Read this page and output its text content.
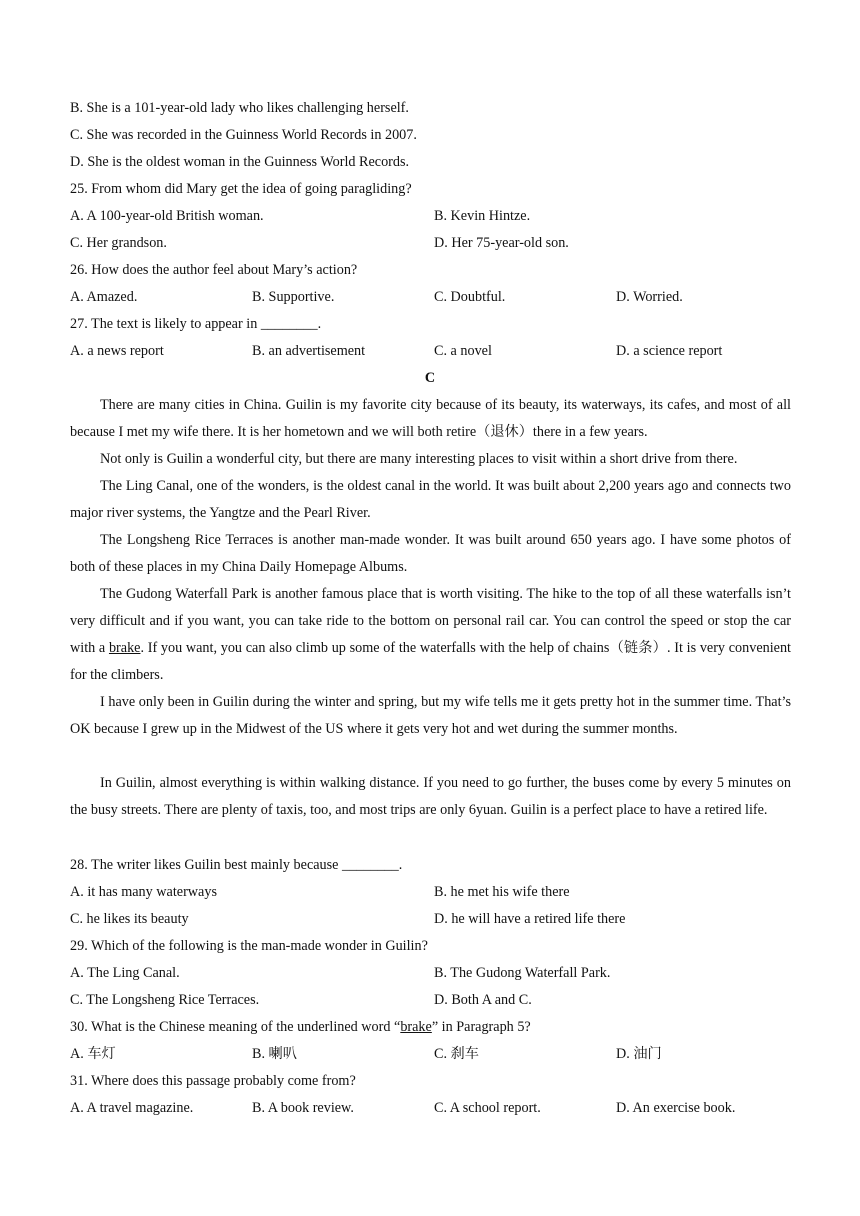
B. She is a 101-year-old lady who likes challenging herself.
C. She was recorded in the Guinness World Records in 2007.
D. She is the oldest woman in the Guinness World Records.
25. From whom did Mary get the idea of going paragliding?
A. A 100-year-old British woman.	B. Kevin Hintze.
C. Her grandson.	D. Her 75-year-old son.
26. How does the author feel about Mary’s action?
A. Amazed.	B. Supportive.	C. Doubtful.	D. Worried.
27. The text is likely to appear in ________.
A. a news report	B. an advertisement	C. a novel	D. a science report
C
There are many cities in China. Guilin is my favorite city because of its beauty, its waterways, its cafes, and most of all because I met my wife there. It is her hometown and we will both retire（退休）there in a few years.
Not only is Guilin a wonderful city, but there are many interesting places to visit within a short drive from there.
The Ling Canal, one of the wonders, is the oldest canal in the world. It was built about 2,200 years ago and connects two major river systems, the Yangtze and the Pearl River.
The Longsheng Rice Terraces is another man-made wonder. It was built around 650 years ago. I have some photos of both of these places in my China Daily Homepage Albums.
The Gudong Waterfall Park is another famous place that is worth visiting. The hike to the top of all these waterfalls isn’t very difficult and if you want, you can take ride to the bottom on personal rail car. You can control the speed or stop the car with a brake. If you want, you can also climb up some of the waterfalls with the help of chains（链条）. It is very convenient for the climbers.
I have only been in Guilin during the winter and spring, but my wife tells me it gets pretty hot in the summer time. That’s OK because I grew up in the Midwest of the US where it gets very hot and wet during the summer months.
In Guilin, almost everything is within walking distance. If you need to go further, the buses come by every 5 minutes on the busy streets. There are plenty of taxis, too, and most trips are only 6yuan. Guilin is a perfect place to have a retired life.
28. The writer likes Guilin best mainly because ________.
A. it has many waterways	B. he met his wife there
C. he likes its beauty	D. he will have a retired life there
29. Which of the following is the man-made wonder in Guilin?
A. The Ling Canal.	B. The Gudong Waterfall Park.
C. The Longsheng Rice Terraces.	D. Both A and C.
30. What is the Chinese meaning of the underlined word “brake” in Paragraph 5?
A. 车灯	B. 喇叭	C. 刹车	D. 油门
31. Where does this passage probably come from?
A. A travel magazine.	B. A book review.	C. A school report.	D. An exercise book.
